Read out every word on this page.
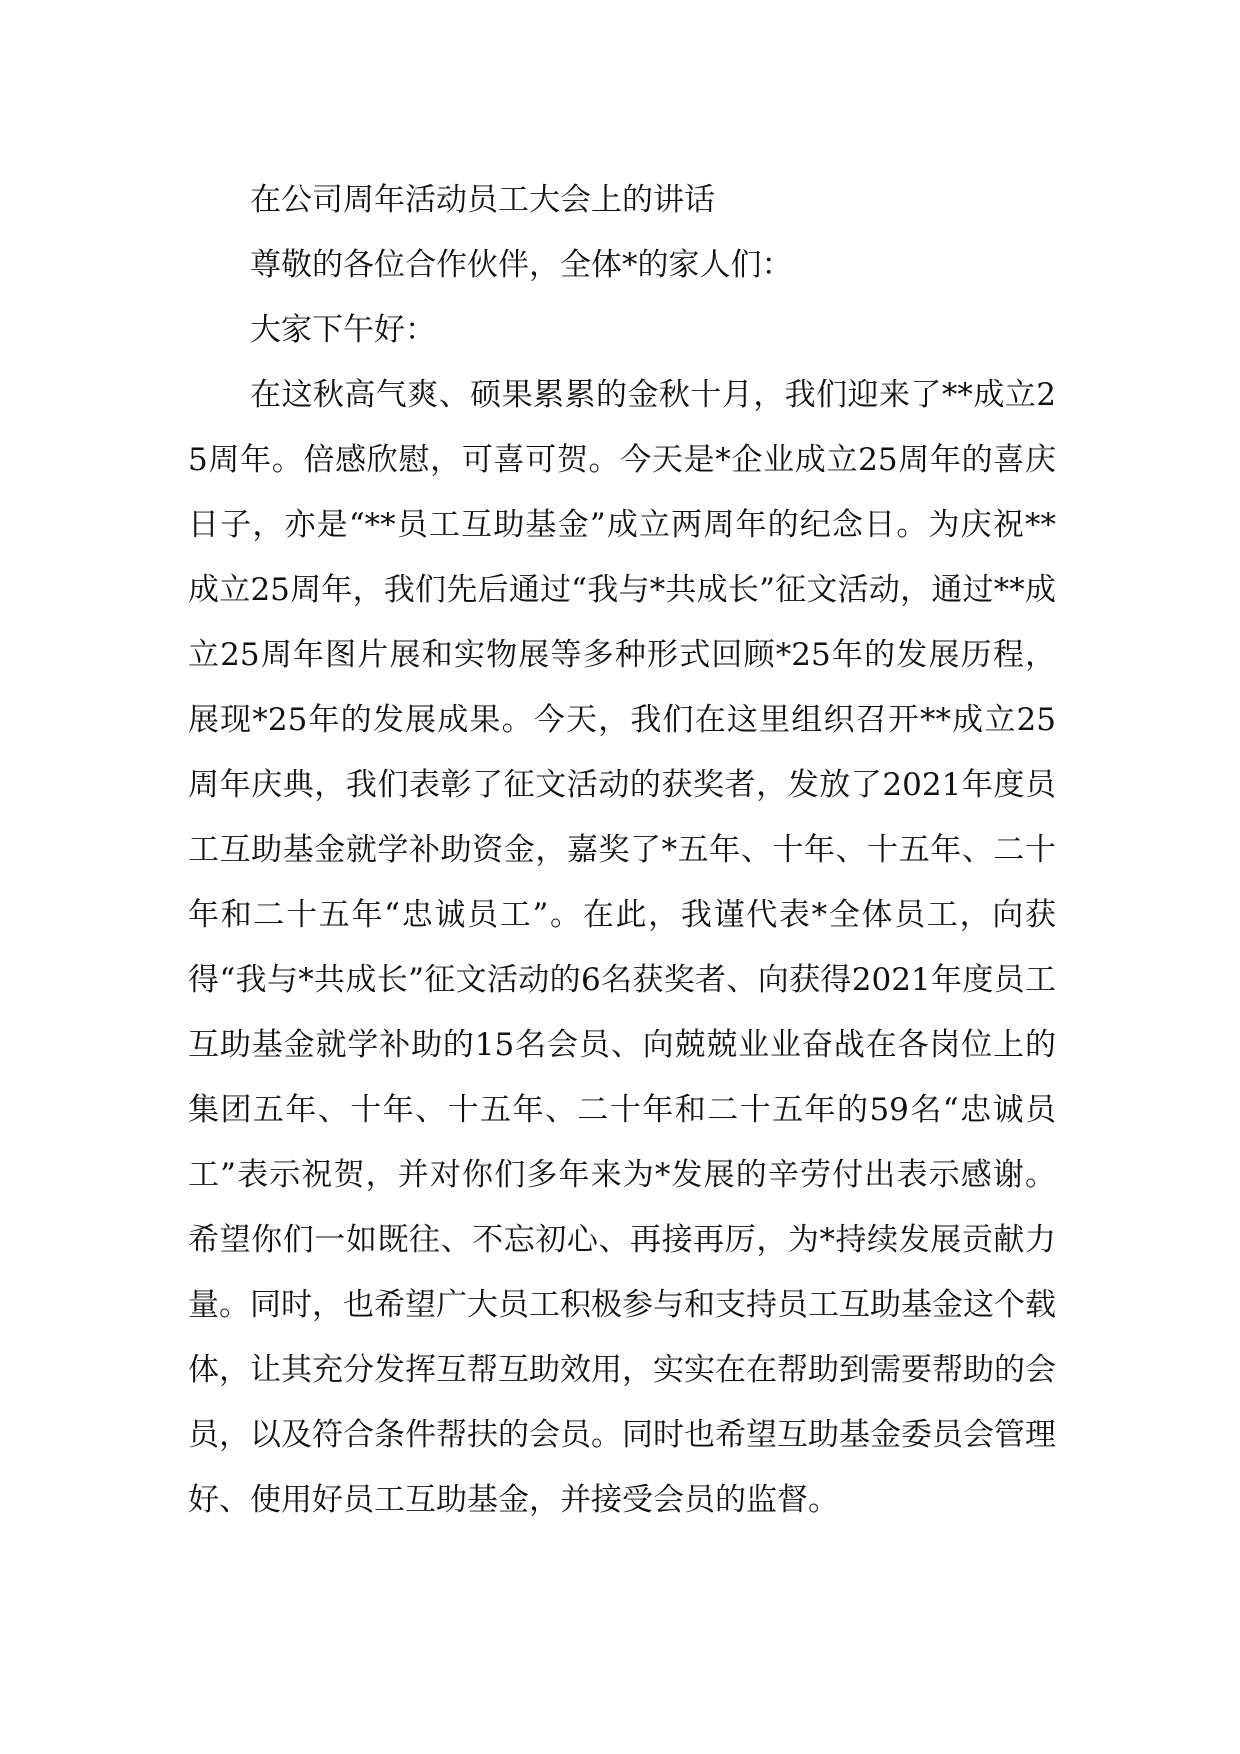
在公司周年活动员工大会上的讲话

尊敬的各位合作伙伴，全体*的家人们：

大家下午好：

在这秋高气爽、硕果累累的金秋十月，我们迎来了**成立25周年。倍感欣慰，可喜可贺。今天是*企业成立25周年的喜庆日子，亦是“**员工互助基金”成立两周年的纪念日。为庆祝**成立25周年，我们先后通过“我与*共成长”征文活动，通过**成立25周年图片展和实物展等多种形式回顾*25年的发展历程，展现*25年的发展成果。今天，我们在这里组织召开**成立25周年庆典，我们表彰了征文活动的获奖者，发放了2021年度员工互助基金就学补助资金，嘉奖了*五年、十年、十五年、二十年和二十五年“忠诚员工”。在此，我谨代表*全体员工，向获得“我与*共成长”征文活动的6名获奖者、向获得2021年度员工互助基金就学补助的15名会员、向兢兢业业奋战在各岗位上的集团五年、十年、十五年、二十年和二十五年的59名“忠诚员工”表示祝贺，并对你们多年来为*发展的辛劳付出表示感谢。希望你们一如既往、不忘初心、再接再厉，为*持续发展贡献力量。同时，也希望广大员工积极参与和支持员工互助基金这个载体，让其充分发挥互帮互助效用，实实在在帮助到需要帮助的会员，以及符合条件帮扶的会员。同时也希望互助基金委员会管理好、使用好员工互助基金，并接受会员的监督。
